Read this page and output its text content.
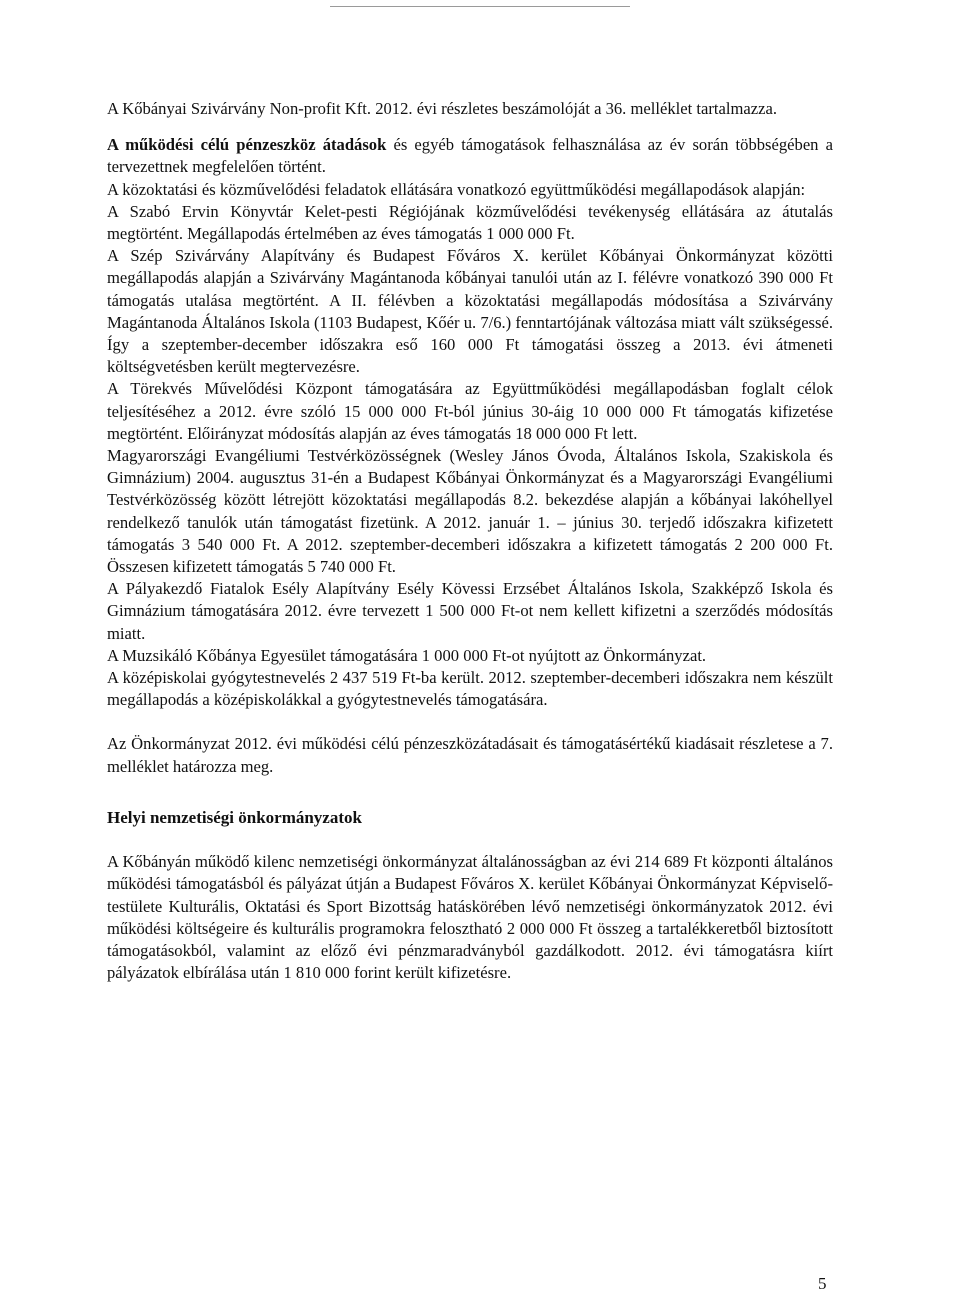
A Kőbányai Szivárvány Non-profit Kft. 2012. évi részletes beszámolóját a 36. melléklet tartalmazza.

A működési célú pénzeszköz átadások és egyéb támogatások felhasználása az év során többségében a tervezettnek megfelelően történt.

A közoktatási és közművelődési feladatok ellátására vonatkozó együttműködési megállapodások alapján:

A Szabó Ervin Könyvtár Kelet-pesti Régiójának közművelődési tevékenység ellátására az átutalás megtörtént. Megállapodás értelmében az éves támogatás 1 000 000 Ft.

A Szép Szivárvány Alapítvány és Budapest Főváros X. kerület Kőbányai Önkormányzat közötti megállapodás alapján a Szivárvány Magántanoda kőbányai tanulói után az I. félévre vonatkozó 390 000 Ft támogatás utalása megtörtént. A II. félévben a közoktatási megállapodás módosítása a Szivárvány Magántanoda Általános Iskola (1103 Budapest, Kőér u. 7/6.) fenntartójának változása miatt vált szükségessé. Így a szeptember-december időszakra eső 160 000 Ft támogatási összeg a 2013. évi átmeneti költségvetésben került megtervezésre.

A Törekvés Művelődési Központ támogatására az Együttműködési megállapodásban foglalt célok teljesítéséhez a 2012. évre szóló 15 000 000 Ft-ból június 30-áig 10 000 000 Ft támogatás kifizetése megtörtént. Előirányzat módosítás alapján az éves támogatás 18 000 000 Ft lett.

Magyarországi Evangéliumi Testvérközösségnek (Wesley János Óvoda, Általános Iskola, Szakiskola és Gimnázium) 2004. augusztus 31-én a Budapest Kőbányai Önkormányzat és a Magyarországi Evangéliumi Testvérközösség között létrejött közoktatási megállapodás 8.2. bekezdése alapján a kőbányai lakóhellyel rendelkező tanulók után támogatást fizetünk. A 2012. január 1. – június 30. terjedő időszakra kifizetett támogatás 3 540 000 Ft. A 2012. szeptember-decemberi időszakra a kifizetett támogatás 2 200 000 Ft. Összesen kifizetett támogatás 5 740 000 Ft.

A Pályakezdő Fiatalok Esély Alapítvány Esély Kövessi Erzsébet Általános Iskola, Szakképző Iskola és Gimnázium támogatására 2012. évre tervezett 1 500 000 Ft-ot nem kellett kifizetni a szerződés módosítás miatt.

A Muzsikáló Kőbánya Egyesület támogatására 1 000 000 Ft-ot nyújtott az Önkormányzat.

A középiskolai gyógytestnevelés 2 437 519 Ft-ba került. 2012. szeptember-decemberi időszakra nem készült megállapodás a középiskolákkal a gyógytestnevelés támogatására.

Az Önkormányzat 2012. évi működési célú pénzeszközátadásait és támogatásértékű kiadásait részletese a 7. melléklet határozza meg.

Helyi nemzetiségi önkormányzatok

A Kőbányán működő kilenc nemzetiségi önkormányzat általánosságban az évi 214 689 Ft központi általános működési támogatásból és pályázat útján a Budapest Főváros X. kerület Kőbányai Önkormányzat Képviselő-testülete Kulturális, Oktatási és Sport Bizottság hatáskörében lévő nemzetiségi önkormányzatok 2012. évi működési költségeire és kulturális programokra felosztható 2 000 000 Ft összeg a tartalékkeretből biztosított támogatásokból, valamint az előző évi pénzmaradványból gazdálkodott. 2012. évi támogatásra kiírt pályázatok elbírálása után 1 810 000 forint került kifizetésre.

5
